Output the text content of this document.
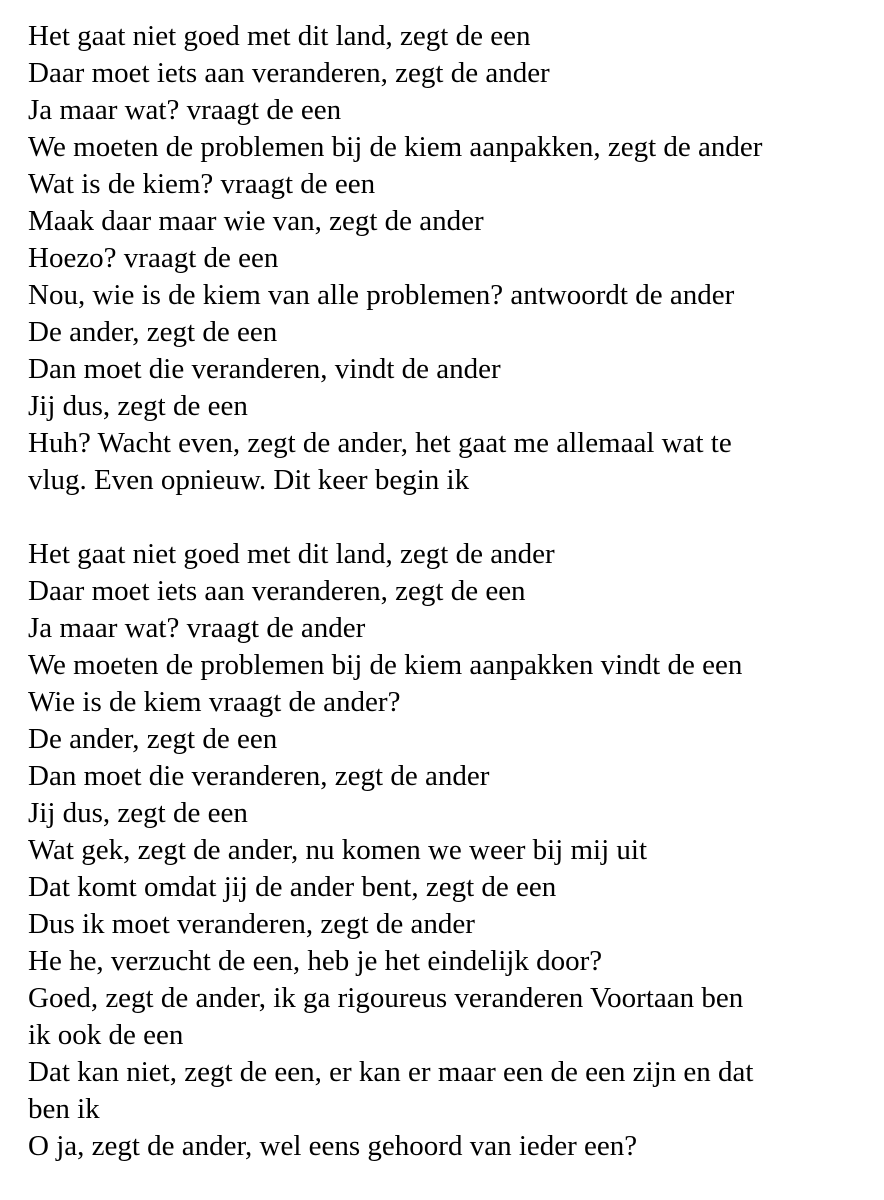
Het gaat niet goed met dit land, zegt de een
Daar moet iets aan veranderen, zegt de ander
Ja maar wat? vraagt de een
We moeten de problemen bij de kiem aanpakken, zegt de ander
Wat is de kiem? vraagt de een
Maak daar maar wie van, zegt de ander
Hoezo? vraagt de een
Nou, wie is de kiem van alle problemen? antwoordt de ander
De ander, zegt de een
Dan moet die veranderen, vindt de ander
Jij dus, zegt de een
Huh? Wacht even, zegt de ander, het gaat me allemaal wat te
vlug. Even opnieuw. Dit keer begin ik
Het gaat niet goed met dit land, zegt de ander
Daar moet iets aan veranderen, zegt de een
Ja maar wat? vraagt de ander
We moeten de problemen bij de kiem aanpakken vindt de een
Wie is de kiem vraagt de ander?
De ander, zegt de een
Dan moet die veranderen, zegt de ander
Jij dus, zegt de een
Wat gek, zegt de ander, nu komen we weer bij mij uit
Dat komt omdat jij de ander bent, zegt de een
Dus ik moet veranderen, zegt de ander
He he, verzucht de een, heb je het eindelijk door?
Goed, zegt de ander, ik ga rigoureus veranderen Voortaan ben
ik ook de een
Dat kan niet, zegt de een, er kan er maar een de een zijn en dat
ben ik
O ja, zegt de ander, wel eens gehoord van ieder een?
